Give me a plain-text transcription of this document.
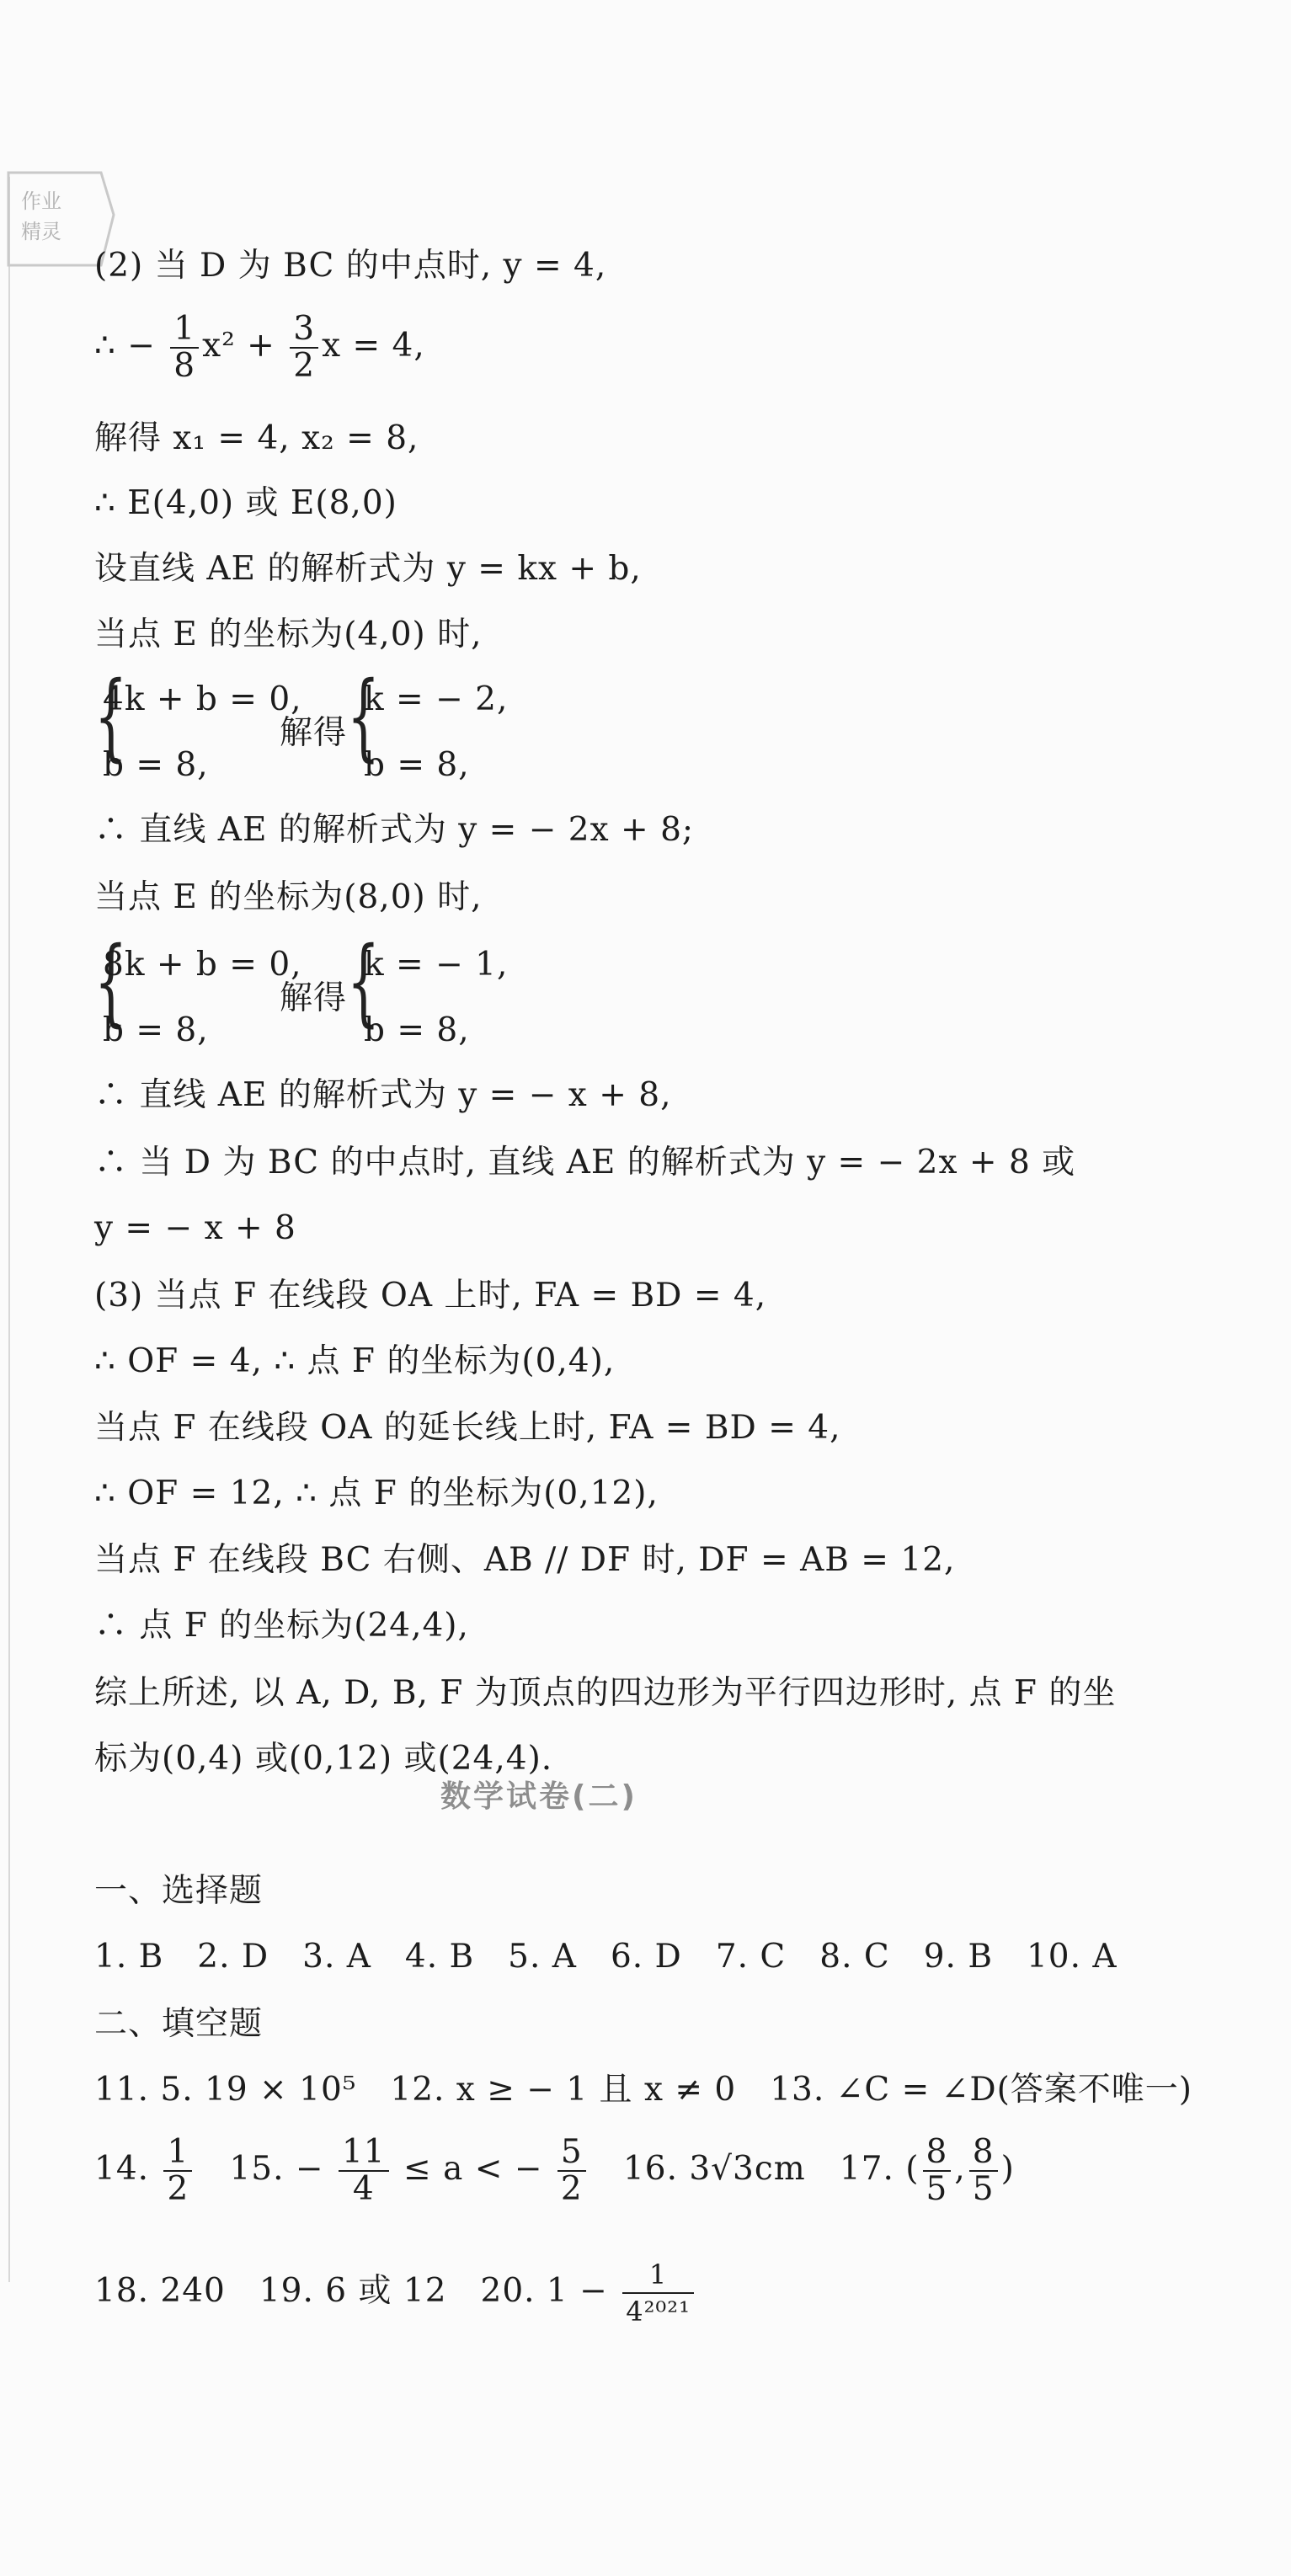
作业
精灵
(2) 当 D 为 BC 的中点时, y = 4,
∴ − $\frac{1}{8} x^2 + \frac{3}{2}$ x = 4,
解得 x₁ = 4, x₂ = 8,
∴ E(4,0) 或 E(8,0)
设直线 AE 的解析式为 y = kx + b,
当点 E 的坐标为(4,0) 时,
{
4k + b = 0,
b = 8,
解得 {
k = − 2,
b = 8,
∴ 直线 AE 的解析式为 y = − 2x + 8;
当点 E 的坐标为(8,0) 时,
{
8k + b = 0,
b = 8,
解得 {
k = − 1,
b = 8,
∴ 直线 AE 的解析式为 y = − x + 8,
∴ 当 D 为 BC 的中点时, 直线 AE 的解析式为 y = − 2x + 8 或
y = − x + 8
(3) 当点 F 在线段 OA 上时, FA = BD = 4,
∴ OF = 4, ∴ 点 F 的坐标为(0,4),
当点 F 在线段 OA 的延长线上时, FA = BD = 4,
∴ OF = 12, ∴ 点 F 的坐标为(0,12),
当点 F 在线段 BC 右侧、AB // DF 时, DF = AB = 12,
∴ 点 F 的坐标为(24,4),
综上所述, 以 A, D, B, F 为顶点的四边形为平行四边形时, 点 F 的坐
标为(0,4) 或(0,12) 或(24,4).
数学试卷(二)
一、选择题
1. B　2. D　3. A　4. B　5. A　6. D　7. C　8. C　9. B　10. A
二、填空题
11. 5. 19 × 10⁵　12. x ≥ − 1 且 x ≠ 0　13. ∠C = ∠D(答案不唯一)
14. $\frac{1}{2} 15$. − $\frac{11}{4} \le a$ < − $\frac{5}{2} 16$. 3√3cm 17. ( $\frac{8}{5}$ , $\frac{8}{5}$ )
18. 240　19. 6 或 12　20. $1 - \frac{1}{\text{4²⁰²¹}}$
